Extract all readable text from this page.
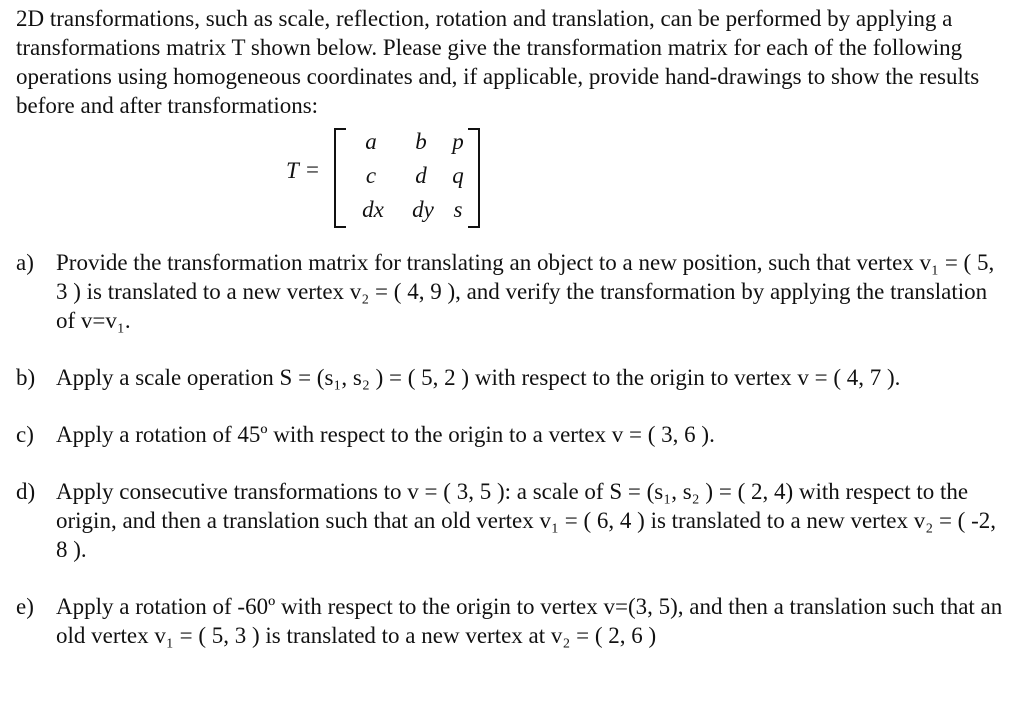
2D transformations, such as scale, reflection, rotation and translation, can be performed by applying a transformations matrix T shown below. Please give the transformation matrix for each of the following operations using homogeneous coordinates and, if applicable, provide hand-drawings to show the results before and after transformations:

T =
a	b	p
c	d	q
dx	dy s
a) Provide the transformation matrix for translating an object to a new position, such that vertex v₁ = ( 5, 3 ) is translated to a new vertex v₂ = ( 4, 9 ), and verify the transformation by applying the translation of v=v₁.
b) Apply a scale operation S = (s₁, s₂ ) = ( 5, 2 ) with respect to the origin to vertex v = ( 4, 7 ).
c) Apply a rotation of 45º with respect to the origin to a vertex v = ( 3, 6 ).
d) Apply consecutive transformations to v = ( 3, 5 ): a scale of S = (s₁, s₂ ) = ( 2, 4) with respect to the origin, and then a translation such that an old vertex v₁ = ( 6, 4 ) is translated to a new vertex v₂ = ( -2, 8 ).
e) Apply a rotation of -60º with respect to the origin to vertex v=(3, 5), and then a translation such that an old vertex v₁ = ( 5, 3 ) is translated to a new vertex at v₂ = ( 2, 6 )
